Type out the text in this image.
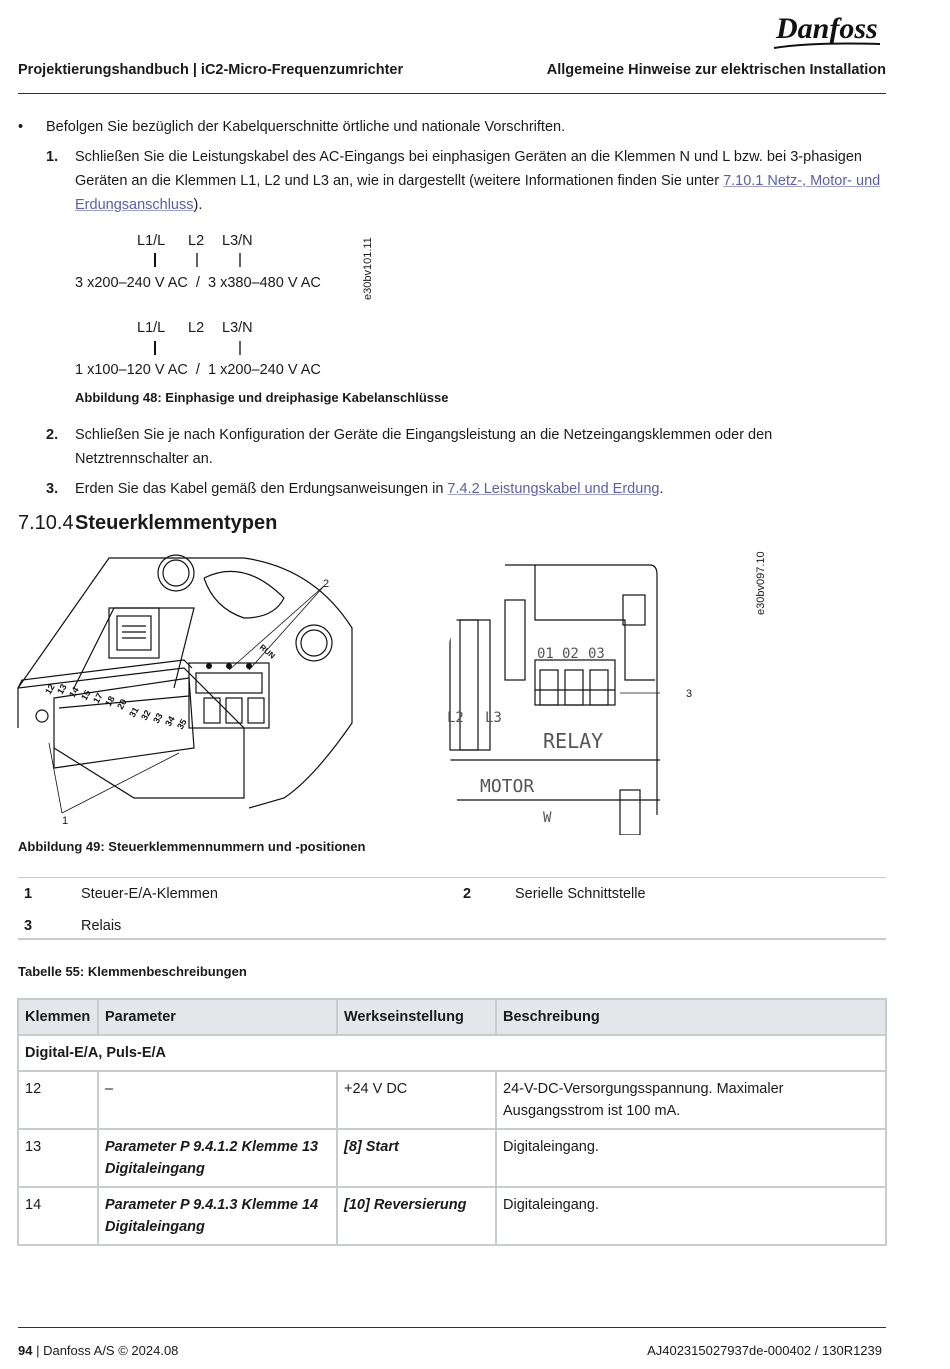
Danfoss
Projektierungshandbuch | iC2-Micro-Frequenzumrichter	Allgemeine Hinweise zur elektrischen Installation
• Befolgen Sie bezüglich der Kabelquerschnitte örtliche und nationale Vorschriften.
1. Schließen Sie die Leistungskabel des AC-Eingangs bei einphasigen Geräten an die Klemmen N und L bzw. bei 3-phasigen Geräten an die Klemmen L1, L2 und L3 an, wie in dargestellt (weitere Informationen finden Sie unter 7.10.1 Netz-, Motor- und Erdungsanschluss).
L1/L L2 L3/N
3 x200–240 V AC  /  3 x380–480 V AC	e30bv101.11
L1/L L2 L3/N
1 x100–120 V AC  /  1 x200–240 V AC
Abbildung 48: Einphasige und dreiphasige Kabelanschlüsse
2. Schließen Sie je nach Konfiguration der Geräte die Eingangsleistung an die Netzeingangsklemmen oder den Netztrennschalter an.
3. Erden Sie das Kabel gemäß den Erdungsanweisungen in 7.4.2 Leistungskabel und Erdung.
7.10.4 Steuerklemmentypen
12
13
14
15
17
18
20
31
32
33
34
35
RUN
1
2
01 02 03
RELAY
MOTOR
W
L2 L3
3
e30bv097.10
Abbildung 49: Steuerklemmennummern und -positionen
1	Steuer-E/A-Klemmen	2	Serielle Schnittstelle
3	Relais		
Tabelle 55: Klemmenbeschreibungen
Klemmen	Parameter	Werkseinstellung	Beschreibung
Digital-E/A, Puls-E/A			
12	–	+24 V DC	24-V-DC-Versorgungsspannung. Maximaler Ausgangsstrom ist 100 mA.
13	Parameter P 9.4.1.2 Klemme 13 Digitaleingang	[8] Start	Digitaleingang.
14	Parameter P 9.4.1.3 Klemme 14 Digitaleingang	[10] Reversierung	Digitaleingang.
94 | Danfoss A/S © 2024.08	AJ402315027937de-000402 / 130R1239
